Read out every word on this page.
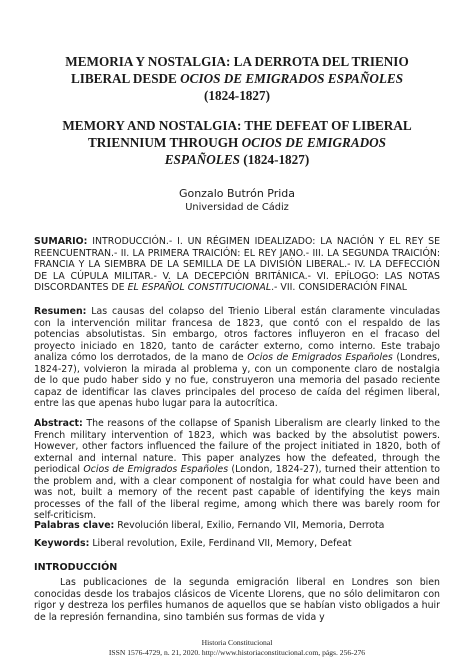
MEMORIA Y NOSTALGIA: LA DERROTA DEL TRIENIO
LIBERAL DESDE OCIOS DE EMIGRADOS ESPAÑOLES
(1824-1827)
MEMORY AND NOSTALGIA: THE DEFEAT OF LIBERAL
TRIENNIUM THROUGH OCIOS DE EMIGRADOS
ESPAÑOLES (1824-1827)
Gonzalo Butrón Prida
Universidad de Cádiz
SUMARIO: INTRODUCCIÓN.- I. UN RÉGIMEN IDEALIZADO: LA NACIÓN Y EL REY SE REENCUENTRAN.- II. LA PRIMERA TRAICIÓN: EL REY JANO.- III. LA SEGUNDA TRAICIÓN: FRANCIA Y LA SIEMBRA DE LA SEMILLA DE LA DIVISIÓN LIBERAL.- IV. LA DEFECCIÓN DE LA CÚPULA MILITAR.- V. LA DECEPCIÓN BRITÁNICA.- VI. EPÍLOGO: LAS NOTAS DISCORDANTES DE EL ESPAÑOL CONSTITUCIONAL.- VII. CONSIDERACIÓN FINAL
Resumen: Las causas del colapso del Trienio Liberal están claramente vinculadas con la intervención militar francesa de 1823, que contó con el respaldo de las potencias absolutistas. Sin embargo, otros factores influyeron en el fracaso del proyecto iniciado en 1820, tanto de carácter externo, como interno. Este trabajo analiza cómo los derrotados, de la mano de Ocios de Emigrados Españoles (Londres, 1824-27), volvieron la mirada al problema y, con un componente claro de nostalgia de lo que pudo haber sido y no fue, construyeron una memoria del pasado reciente capaz de identificar las claves principales del proceso de caída del régimen liberal, entre las que apenas hubo lugar para la autocrítica.
Abstract: The reasons of the collapse of Spanish Liberalism are clearly linked to the French military intervention of 1823, which was backed by the absolutist powers. However, other factors influenced the failure of the project initiated in 1820, both of external and internal nature. This paper analyzes how the defeated, through the periodical Ocios de Emigrados Españoles (London, 1824-27), turned their attention to the problem and, with a clear component of nostalgia for what could have been and was not, built a memory of the recent past capable of identifying the keys main processes of the fall of the liberal regime, among which there was barely room for self-criticism.
Palabras clave: Revolución liberal, Exilio, Fernando VII, Memoria, Derrota
Keywords: Liberal revolution, Exile, Ferdinand VII, Memory, Defeat
INTRODUCCIÓN
Las publicaciones de la segunda emigración liberal en Londres son bien conocidas desde los trabajos clásicos de Vicente Llorens, que no sólo delimitaron con rigor y destreza los perfiles humanos de aquellos que se habían visto obligados a huir de la represión fernandina, sino también sus formas de vida y
Historia Constitucional
ISSN 1576-4729, n. 21, 2020. http://www.historiaconstitucional.com, págs. 256-276
